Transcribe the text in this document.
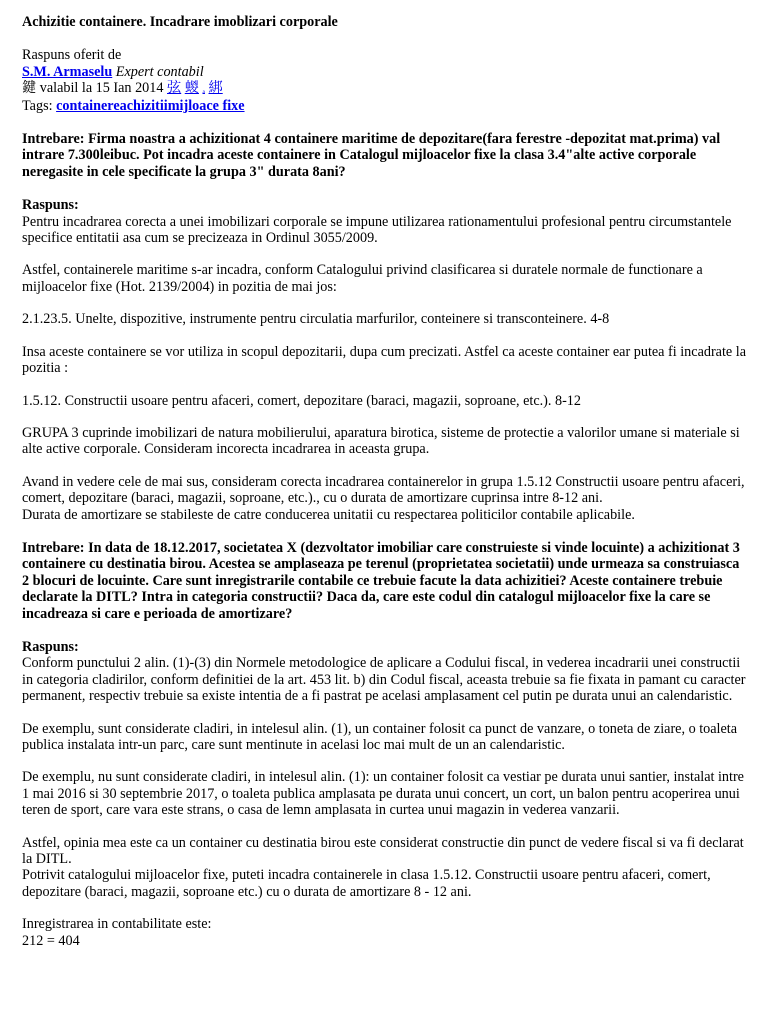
Achizitie containere. Incadrare imoblizari corporale
Raspuns oferit de
S.M. Armaselu Expert contabil
鍵 valabil la 15 Ian 2014 弦 蝬 ₐ 綁
Tags: containereachizitiimijloace fixe

Intrebare: Firma noastra a achizitionat 4 containere maritime de depozitare(fara ferestre -depozitat mat.prima) val intrare 7.300leibuc. Pot incadra aceste containere in Catalogul mijloacelor fixe la clasa 3.4"alte active corporale neregasite in cele specificate la grupa 3" durata 8ani?

Raspuns:

Pentru incadrarea corecta a unei imobilizari corporale se impune utilizarea rationamentului profesional pentru circumstantele specifice entitatii asa cum se precizeaza in Ordinul 3055/2009.

Astfel, containerele maritime s-ar incadra, conform Catalogului privind clasificarea si duratele normale de functionare a mijloacelor fixe (Hot. 2139/2004) in pozitia de mai jos:

2.1.23.5. Unelte, dispozitive, instrumente pentru circulatia marfurilor, conteinere si transconteinere. 4-8

Insa aceste containere se vor utiliza in scopul depozitarii, dupa cum precizati. Astfel ca aceste container ear putea fi incadrate la pozitia :

1.5.12. Constructii usoare pentru afaceri, comert, depozitare (baraci, magazii, soproane, etc.). 8-12

GRUPA 3 cuprinde imobilizari de natura mobilierului, aparatura birotica, sisteme de protectie a valorilor umane si materiale si alte active corporale. Consideram incorecta incadrarea in aceasta grupa.

Avand in vedere cele de mai sus, consideram corecta incadrarea containerelor in grupa 1.5.12 Constructii usoare pentru afaceri, comert, depozitare (baraci, magazii, soproane, etc.)., cu o durata de amortizare cuprinsa intre 8-12 ani.

Durata de amortizare se stabileste de catre conducerea unitatii cu respectarea politicilor contabile aplicabile.

Intrebare: In data de 18.12.2017, societatea X (dezvoltator imobiliar care construieste si vinde locuinte) a achizitionat 3 containere cu destinatia birou. Acestea se amplaseaza pe terenul (proprietatea societatii) unde urmeaza sa construiasca 2 blocuri de locuinte. Care sunt inregistrarile contabile ce trebuie facute la data achizitiei? Aceste containere trebuie declarate la DITL? Intra in categoria constructii? Daca da, care este codul din catalogul mijloacelor fixe la care se incadreaza si care e perioada de amortizare?

Raspuns:

Conform punctului 2 alin. (1)-(3) din Normele metodologice de aplicare a Codului fiscal, in vederea incadrarii unei constructii in categoria cladirilor, conform definitiei de la art. 453 lit. b) din Codul fiscal, aceasta trebuie sa fie fixata in pamant cu caracter permanent, respectiv trebuie sa existe intentia de a fi pastrat pe acelasi amplasament cel putin pe durata unui an calendaristic.

De exemplu, sunt considerate cladiri, in intelesul alin. (1), un container folosit ca punct de vanzare, o toneta de ziare, o toaleta publica instalata intr-un parc, care sunt mentinute in acelasi loc mai mult de un an calendaristic.

De exemplu, nu sunt considerate cladiri, in intelesul alin. (1): un container folosit ca vestiar pe durata unui santier, instalat intre 1 mai 2016 si 30 septembrie 2017, o toaleta publica amplasata pe durata unui concert, un cort, un balon pentru acoperirea unui teren de sport, care vara este strans, o casa de lemn amplasata in curtea unui magazin in vederea vanzarii.

Astfel, opinia mea este ca un container cu destinatia birou este considerat constructie din punct de vedere fiscal si va fi declarat la DITL.

Potrivit catalogului mijloacelor fixe, puteti incadra containerele in clasa 1.5.12. Constructii usoare pentru afaceri, comert, depozitare (baraci, magazii, soproane etc.) cu o durata de amortizare 8 - 12 ani.

Inregistrarea in contabilitate este:

212 = 404
